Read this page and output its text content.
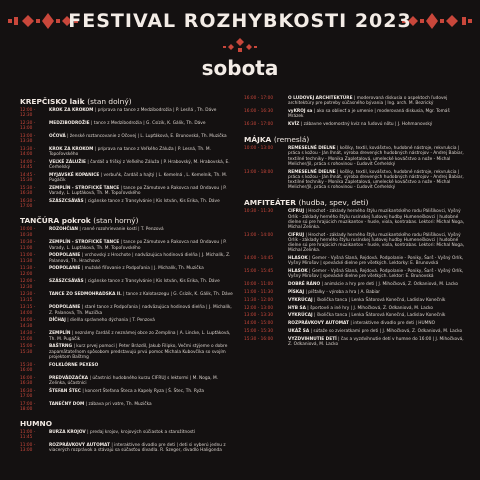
FESTIVAL ROZHYBKOSTI 2023
sobota
KREPČISKO laik (stan dolný)
12:00 - 12:30
KROK ZA KROKOM | príprava na tance z Medzibodrožia | P. Lesňá , Th. Dáve
12:30 - 13:00
MEDZIBODROŽIE | tance z Medzibodrožia | G. Csízik, K. Gálik, Th. Dáve
13:00 - 13:30
OČOVÁ | ženské roztancovanie z Očovej | L. Lupťáková, E. Brunovská, Th. Muzička
13:30 - 14:00
KROK ZA KROKOM | príprava na tance z Veľkého Záluža | P. Lesná, Th. M. Topoľovského
14:00 - 14:45
VEĽKÉ ZÁLUŽIE | čardáš a frišký z Veľkého Záluža | P. Hrabovský, M. Hrabovská, E. Čerhelský
14:45 - 15:30
MYJAVSKÉ KOPANICE | verbuňk, čardáš a hajtý | L. Kemelná , L. Kemelník, Th. M. Pugáčik
15:30 - 16:30
ZEMPLÍN - STROFICKÉ TANCE | tance po Zámutove a Rakovca nad Ondavou | P. Varady, L. Lupťáková, Th. M. Topoľovského
16:30 - 17:00
SZÁSZCSÁVÁS | cigánske tance z Transylvánie | Kis István, Kis Erika, Th. Dáve
TANČÚRA pokrok (stan horný)
10:00 - 10:30
ROZOHČIAN | ranné rozohrievanie kostí | T. Penzová
10:30 - 11:00
ZEMPLÍN - STROFICKÉ TANCE | tance po Zámutove a Rakovca nad Ondavou | P. Varady, L. Lupťáková, Th. M. Topoľovského
11:00 - 11:30
PODPOLANIE | vrchovský z Hrochote | nadväzujúca hodinová dielňa | J. Michalík, Z. Palanová, Th. Hrachovo
11:30 - 12:00
PODPOLANIE | mužské fiľovanie z Podpoľania | J. Michalík, Th. Muzička
12:00 - 12:30
SZÁSZCSÁVÁS | cigánske tance z Transylvánie | Kis István, Kis Erika, Th. Dáve
12:30 - 13:15
TANCE ZO SEDMOHRADSKA II. | tance z Kalotaszegu | G. Csízik, K. Gálik, Th. Dáve
13:15 - 14:00
PODPOLANIE | staré tance z Podpoľania | nadväzujúca hodinová dielňa | J. Michalík, Z. Palanová, Th. Muzička
14:00 - 14:30
DÍČHAJ | dielňa správneho dýchania | T. Penzová
14:30 - 15:00
ZEMPLÍN | neznámy čardáš z neznámej obce zo Zemplína | A. Lincke, L. Lupťáková, Th. M. Pugáčik
15:00 - 15:30
BAŠTRNG | kurz prvej pomoci | Peter Brázdil, Jakub Filipko, Večmi stýjeme o dobre zapamätateľnom spôsobom predstavujú prvú pomoc Michala Kubovčíka so svojím projektom Baštrng
15:30 - 16:00
FOLKLÓRNE PEXESO
16:00 - 16:30
PREDVÁDZAČKA | účastníci hudobného kurzu CIFRUJ s lektormi | M. Noga, M. Zelinka, účastníci
16:30 - 17:00
ŠTEFAN ŠTEC | koncert Štefana Šteca a Kapely Ryza | Š. Štec, Th. Ryža
17:00 - 18:00
TANEČNÝ DOM | zábava pri vatre, Th. Muzička
HUMNO
11:00 - 11:45
BURZA KROJOV | predaj krojov, krojových súčiastok a starožitností
11:00 - 13:00
ROZPRÁVKOVÝ AUTOMAT | interaktívne divadlo pre deti | deti si vyberú jednu z viacerých rozprávok a stávajú sa súčasťou divadla. R. Szeger, divadlo Haligonda
16:00 - 17:00	O LUDOVEJ ARCHITEKTÚRE | moderovaná diskusia o aspektoch ľudovej architektúry pre potreby súčasného bývania | Ing. arch. M. Bezrický
16:00 - 16:30	vyKROJ sa | ako sa obliecť a je umenie | moderovaná diskusia, Mgr. Tomáš Mrázek
16:30 - 17:00	KVÍZ | zábavne vedomostný kvíz na ľudovú nôtu | J. Hohmanovský
MÁJKA (remeslá)
10:00 - 13:00	REMESELNÉ DIELNE | košíky, textil, kovášstvo, hudobné nástroje, rekvrukcia | práca s kožou - Ján Ihnát, výroba drevených hudobných nástrojov - Andrej Babiar, textilné techniky - Monika Zapletalová, umelecké kováčstvo a nože - Michal Melicher/Jil, práca s rohovinou - Ľudovít Čerhelský
13:00 - 18:00	REMESELNÉ DIELNE | košíky, textil, kovášstvo, hudobné nástroje, rekvrukcia | práca s kožou - Ján Ihnát, výroba drevených hudobných nástrojov - Andrej Babiar, textilné techniky - Monika Zapletalová, umelecké kováčstvo a nože - Michal Melicher/Jil, práca s rohovinou - Ľudovít Čerhelský
AMFITEÁTER (hudba, spev, deti)
10:30 - 11:30	CIFRUJ | Hrochoť - základy herného štýlu muzikantského rodu Pálišíkovci, Vyšný Orlík - základy herného štýlu rusínskej ľudovej hudby Humeneškovci | hudobné dielne sú pre hrajúcich muzikantov - husle, viola, kontrabas. Lektori: Michal Noga, Michal Zelinka.
13:00 - 14:00	CIFRUJ | Hrochoť - základy herného štýlu muzikantského rodu Pálišíkovci, Vyšný Orlík - základy herného štýlu rusínskej ľudovej hudby Humeneškovci | hudobné dielne sú pre hrajúcich muzikantov - husle, viola, kontrabas. Lektori: Michal Noga, Michal Zelinka.
14:00 - 14:45	HLASOK | Gemer - Vyšná Slaná, Rejdová. Podpolanie - Poniky, Šarš - Vyšný Orlík, Vyšný Mirošov | spevácké dielne pre všetkých. Lektorky: E. Brunovská
15:00 - 15:45	HLASOK | Gemer - Vyšná Slaná, Rejdová. Podpolanie - Poniky, Šarš - Vyšný Orlík, Vyšný Mirošov | spevácké dielne pre všetkých. Lektor: E. Brunovská
10:00 - 11:00	DOBRÉ RÁNO | animácie a hry pre deti | J. Mihočková, Z. Odkaniová, M. Lacko
11:00 - 11:30	PÍSKAJ | píšťalky - výroba a hra | A. Babiar
11:30 - 12:00	VÝKRÚCAJ | školička tanca | Lenka Šátorová Konečná, Ladislav Konečník
12:00 - 13:00	HÝB SA | športové a iné hry | J. Mihočková, Z. Odkaniová, M. Lacko
13:00 - 13:30	VÝKRÚCAJ | školička tanca | Lenka Šátorová Konečná, Ladislav Konečník
14:00 - 15:00	ROZPRÁVKOVÝ AUTOMAT | interaktívne divadlo pre deti | HUMNO
15:00 - 15:30	UKÁŽ SA | súťaže so zvieratkami pre deti | J. Mihočková, Z. Odkaniová, M. Lacko
15:30 - 16:00	VYZDVIHNUTIE DETÍ | čas a vyzdvihnutie detí v humne do 16:00 | J. Mihočková, Z. Odkaniová, M. Lacko
